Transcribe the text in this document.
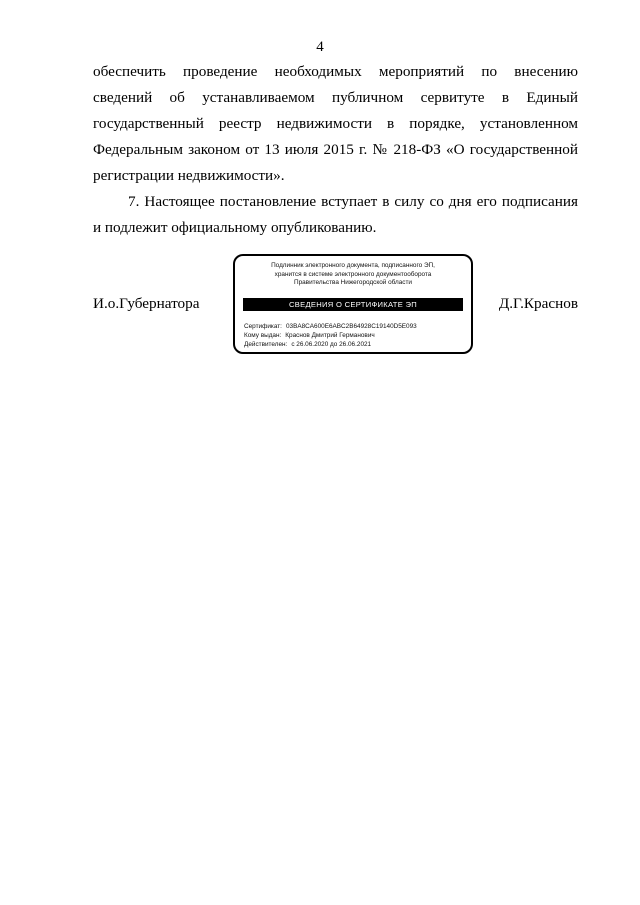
4

обеспечить проведение необходимых мероприятий по внесению

сведений об устанавливаемом публичном сервитуте в Единый

государственный реестр недвижимости в порядке, установленном

Федеральным законом от 13 июля 2015 г. № 218-ФЗ «О государственной

регистрации недвижимости».

7. Настоящее постановление вступает в силу со дня его подписания

и подлежит официальному опубликованию.

И.о.Губернатора
Подлинник электронного документа, подписанного ЭП,
хранится в системе электронного документооборота
Правительства Нижегородской области
СВЕДЕНИЯ О СЕРТИФИКАТЕ ЭП
Сертификат: 03BA8CA600E6ABC2B64928C19140D5E093
Кому выдан: Краснов Дмитрий Германович
Действителен: с 26.06.2020 до 26.06.2021
Д.Г.Краснов
